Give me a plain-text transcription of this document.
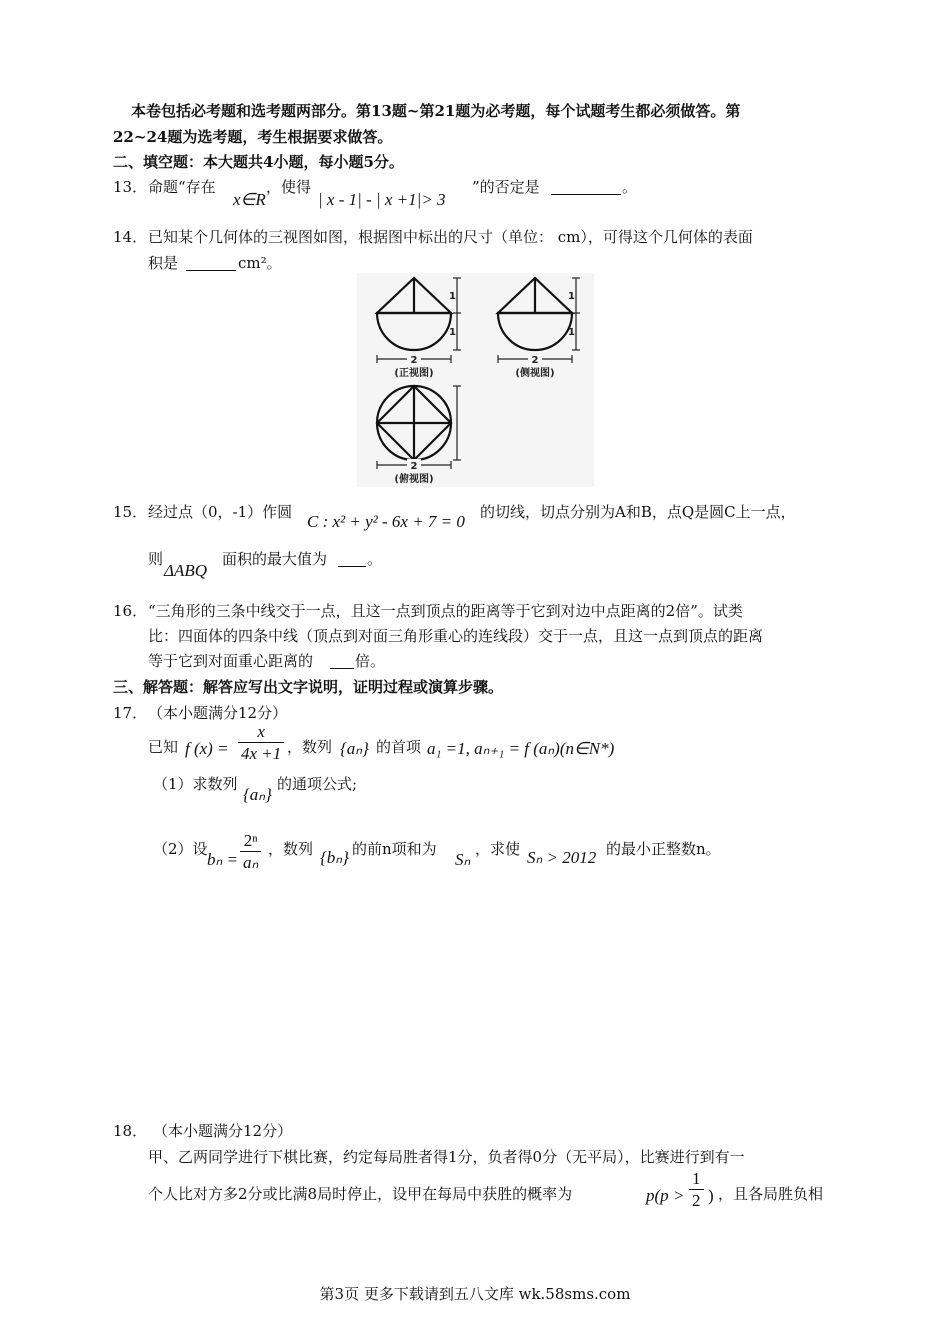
本卷包括必考题和选考题两部分。第13题~第21题为必考题，每个试题考生都必须做答。第
22~24题为选考题，考生根据要求做答。
二、填空题：本大题共4小题，每小题5分。
13． 命题“存在
x∈R
，使得
| x - 1| - | x +1|> 3
”的否定是	。
14． 已知某个几何体的三视图如图，根据图中标出的尺寸（单位： cm），可得这个几何体的表面
积是	cm²。
2	2
2
1
1
1
1
(正视图)	(侧视图)
(俯视图)
15． 经过点（0，-1）作圆 C : x² + y² - 6x + 7 = 0 的切线，切点分别为A和B，点Q是圆C上一点，
则
ΔABQ
面积的最大值为	。
16． “三角形的三条中线交于一点，且这一点到顶点的距离等于它到对边中点距离的2倍”。试类
比：四面体的四条中线（顶点到对面三角形重心的连线段）交于一点，且这一点到顶点的距离
等于它到对面重心距离的	倍。
三、解答题：解答应写出文字说明，证明过程或演算步骤。
17． （本小题满分12分）
已知 f $(x) = \frac{x}{4x +1}$ ，数列 {aₙ} 的首项 a₁ =1, aₙ₊₁ = f (aₙ)(n∈N*)
（1）求数列
{aₙ}
的通项公式;
（2）设
$b_n = \frac{\text{2ⁿ}}{\text{aₙ}}$ ，数列 {bₙ} 的前n项和为
Sₙ
，求使 Sₙ > 2012 的最小正整数n。
18． （本小题满分12分）
甲、乙两同学进行下棋比赛，约定每局胜者得1分，负者得0分（无平局），比赛进行到有一
个人比对方多2分或比满8局时停止，设甲在每局中获胜的概率为	$p(p > \frac{1}{2}$ ) ，且各局胜负相
第3页 更多下载请到五八文库 wk.58sms.com
